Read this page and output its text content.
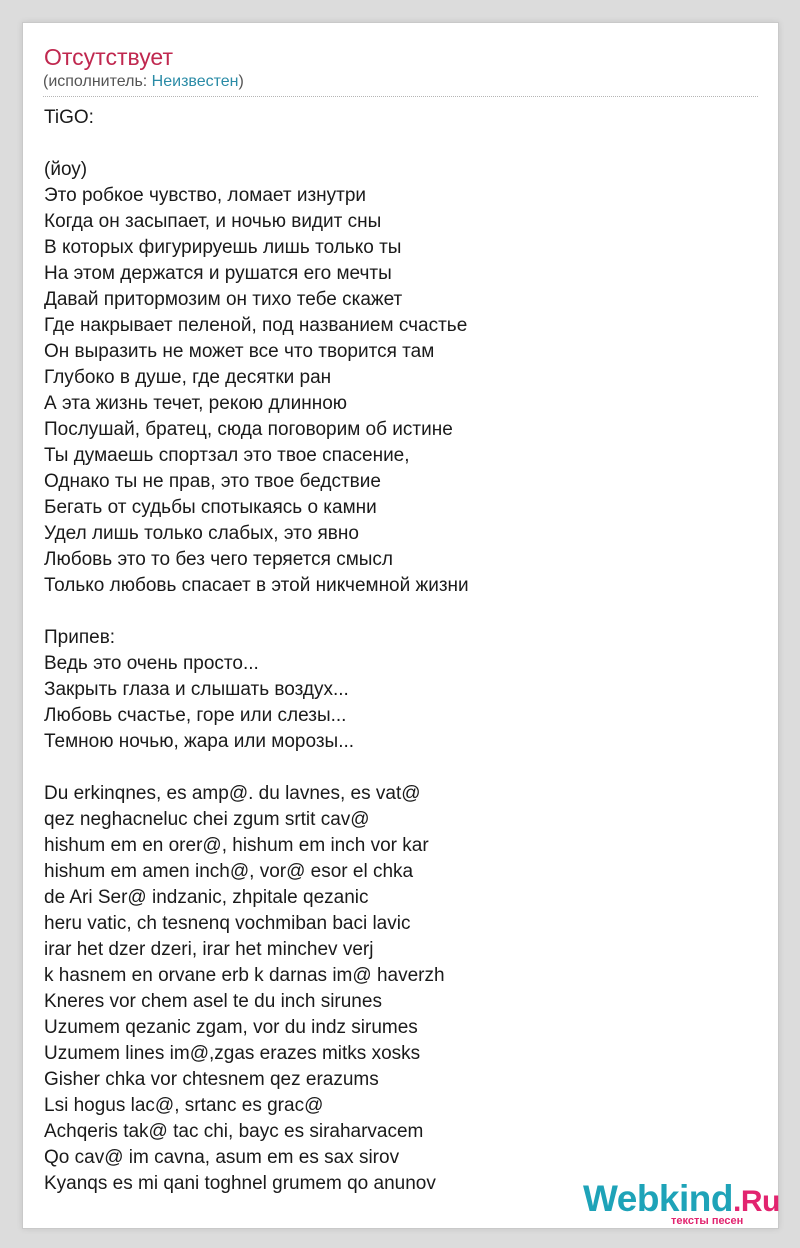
Отсутствует
(исполнитель: Неизвестен)
TiGO:
(йоу)
Это робкое чувство, ломает изнутри
Когда он засыпает, и ночью видит сны
В которых фигурируешь лишь только ты
На этом держатся и рушатся его мечты
Давай притормозим он тихо тебе скажет
Где накрывает пеленой, под названием счастье
Он выразить не может все что творится там
Глубоко в душе, где десятки ран
А эта жизнь течет, рекою длинною
Послушай, братец, сюда поговорим об истине
Ты думаешь спортзал это твое спасение,
Однако ты не прав, это твое бедствие
Бегать от судьбы спотыкаясь о камни
Удел лишь только слабых, это явно
Любовь это то без чего теряется смысл
Только любовь спасает в этой никчемной жизни
Припев:
Ведь это очень просто...
Закрыть глаза и слышать воздух...
Любовь счастье, горе или слезы...
Темною ночью, жара или морозы...
Du erkinqnes, es amp@. du lavnes, es vat@
qez neghacneluc chei zgum srtit cav@
hishum em en orer@, hishum em inch vor kar
hishum em amen inch@, vor@ esor el chka
de Ari Ser@ indzanic, zhpitale qezanic
heru vatic, ch tesnenq vochmiban baci lavic
irar het dzer dzeri, irar het minchev verj
k hasnem en orvane erb k darnas im@ haverzh
Kneres vor chem asel te du inch sirunes
Uzumem qezanic zgam, vor du indz sirumes
Uzumem lines im@,zgas erazes mitks xosks
Gisher chka vor chtesnem qez erazums
Lsi hogus lac@, srtanc es grac@
Achqeris tak@ tac chi, bayc es siraharvacem
Qo cav@ im cavna, asum em es sax sirov
Kyanqs es mi qani toghnel grumem qo anunov	Webkind.Ru
тексты песен
